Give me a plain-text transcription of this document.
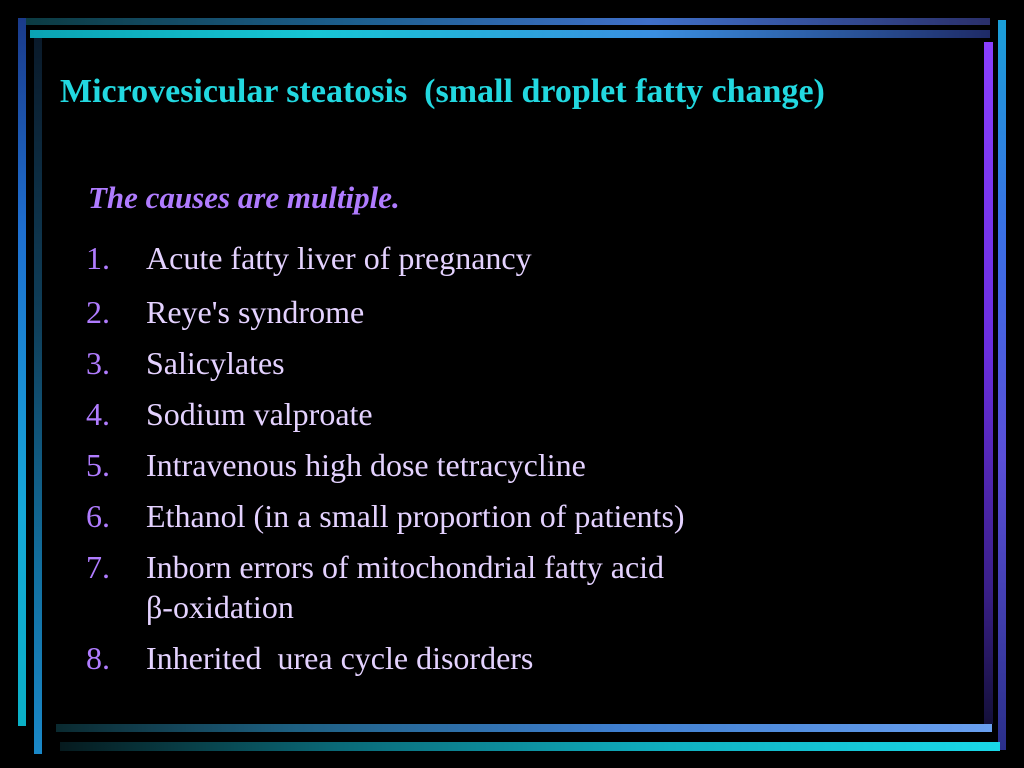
Microvesicular steatosis  (small droplet fatty change)

The causes are multiple.

1.	Acute fatty liver of pregnancy
2.	Reye's syndrome
3.	Salicylates
4.	Sodium valproate
5.	Intravenous high dose tetracycline
6.	Ethanol (in a small proportion of patients)
7.	Inborn errors of mitochondrial fatty acid
β-oxidation
8.	Inherited  urea cycle disorders
